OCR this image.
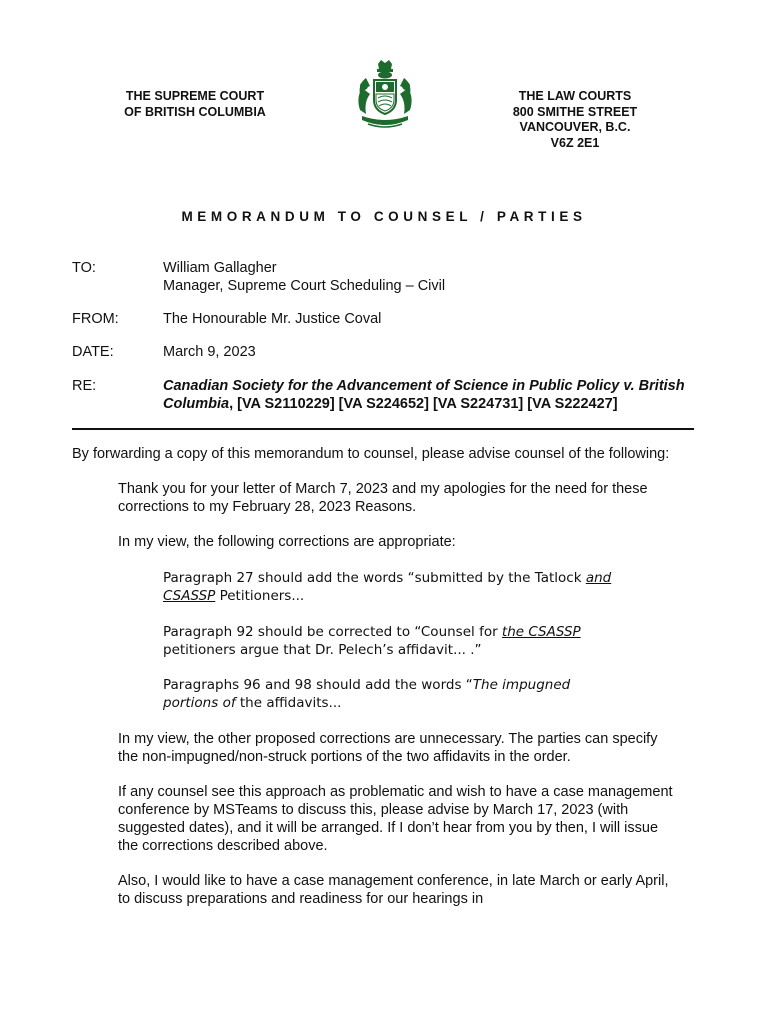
THE SUPREME COURT
OF BRITISH COLUMBIA
THE LAW COURTS
800 SMITHE STREET
VANCOUVER, B.C.
V6Z 2E1
MEMORANDUM TO COUNSEL / PARTIES
TO:	William Gallagher
Manager, Supreme Court Scheduling – Civil
FROM:	The Honourable Mr. Justice Coval
DATE:	March 9, 2023
RE:	Canadian Society for the Advancement of Science in Public Policy v. British Columbia, [VA S2110229] [VA S224652] [VA S224731] [VA S222427]
By forwarding a copy of this memorandum to counsel, please advise counsel of the following:
Thank you for your letter of March 7, 2023 and my apologies for the need for these corrections to my February 28, 2023 Reasons.
In my view, the following corrections are appropriate:
Paragraph 27 should add the words “submitted by the Tatlock and CSASSP Petitioners...
Paragraph 92 should be corrected to “Counsel for the CSASSP petitioners argue that Dr. Pelech’s affidavit... .”
Paragraphs 96 and 98 should add the words “The impugned portions of the affidavits...
In my view, the other proposed corrections are unnecessary. The parties can specify the non-impugned/non-struck portions of the two affidavits in the order.
If any counsel see this approach as problematic and wish to have a case management conference by MSTeams to discuss this, please advise by March 17, 2023 (with suggested dates), and it will be arranged. If I don’t hear from you by then, I will issue the corrections described above.
Also, I would like to have a case management conference, in late March or early April, to discuss preparations and readiness for our hearings in
